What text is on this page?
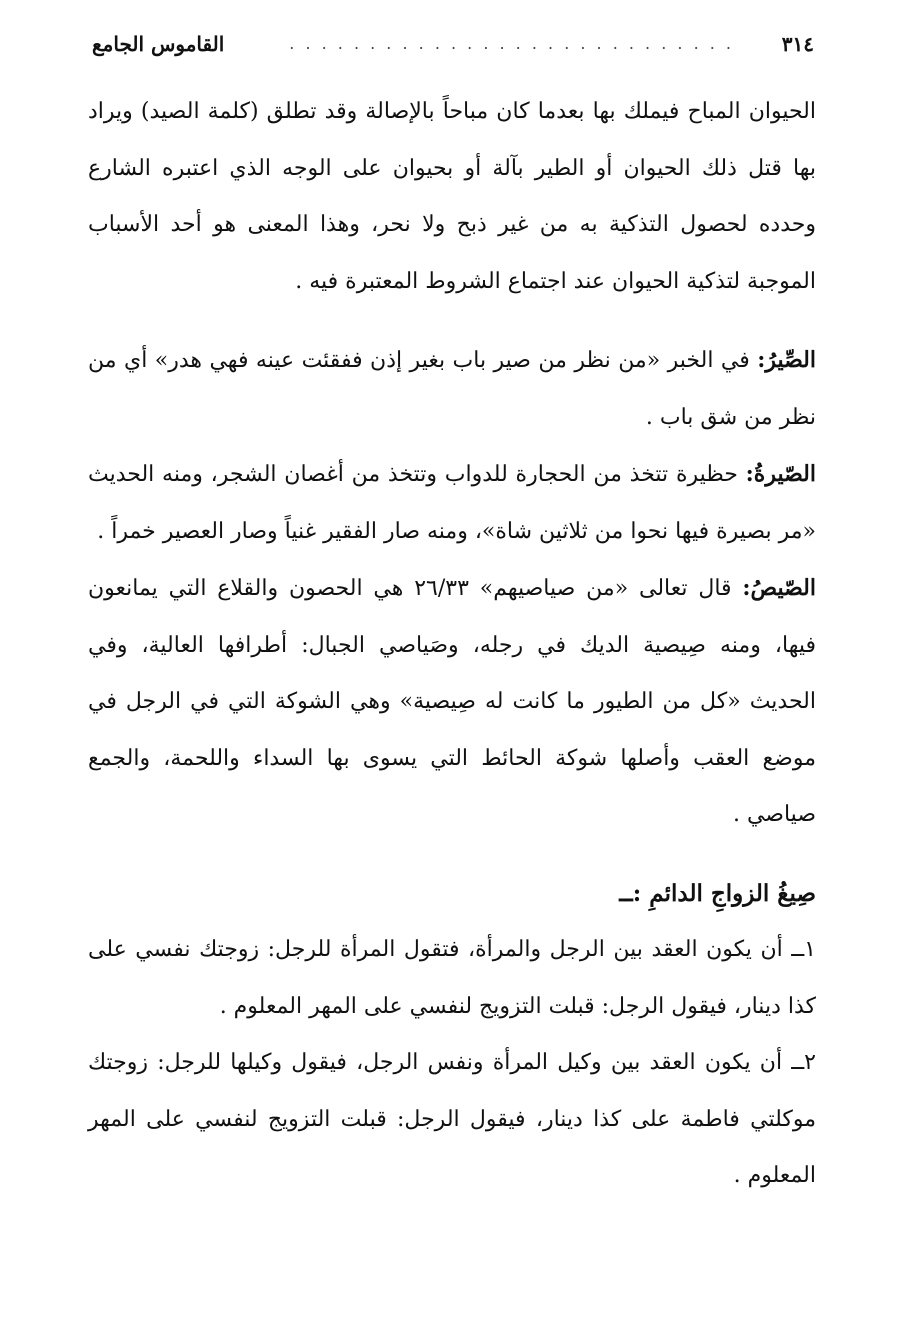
٣١٤
. . . . . . . . . . . . . . . . . . . . . . . . . . . .
القاموس الجامع

الحيوان المباح فيملك بها بعدما كان مباحاً بالإصالة وقد تطلق (كلمة الصيد) ويراد بها قتل ذلك الحيوان أو الطير بآلة أو بحيوان على الوجه الذي اعتبره الشارع وحدده لحصول التذكية به من غير ذبح ولا نحر، وهذا المعنى هو أحد الأسباب الموجبة لتذكية الحيوان عند اجتماع الشروط المعتبرة فيه .

الصِّيرُ: في الخبر «من نظر من صير باب بغير إذن ففقئت عينه فهي هدر» أي من نظر من شق باب .

الصّيرةُ: حظيرة تتخذ من الحجارة للدواب وتتخذ من أغصان الشجر، ومنه الحديث «مر بصيرة فيها نحوا من ثلاثين شاة»، ومنه صار الفقير غنياً وصار العصير خمراً .

الصّيصُ: قال تعالى «من صياصيهم» ٢٦/٣٣ هي الحصون والقلاع التي يمانعون فيها، ومنه صِيصية الديك في رجله، وصَياصي الجبال: أطرافها العالية، وفي الحديث «كل من الطيور ما كانت له صِيصية» وهي الشوكة التي في الرجل في موضع العقب وأصلها شوكة الحائط التي يسوى بها السداء واللحمة، والجمع صياصي .

صِيغُ الزواجِ الدائمِ :ــ

١ــ أن يكون العقد بين الرجل والمرأة، فتقول المرأة للرجل: زوجتك نفسي على كذا دينار، فيقول الرجل: قبلت التزويج لنفسي على المهر المعلوم .

٢ــ أن يكون العقد بين وكيل المرأة ونفس الرجل، فيقول وكيلها للرجل: زوجتك موكلتي فاطمة على كذا دينار، فيقول الرجل: قبلت التزويج لنفسي على المهر المعلوم .
